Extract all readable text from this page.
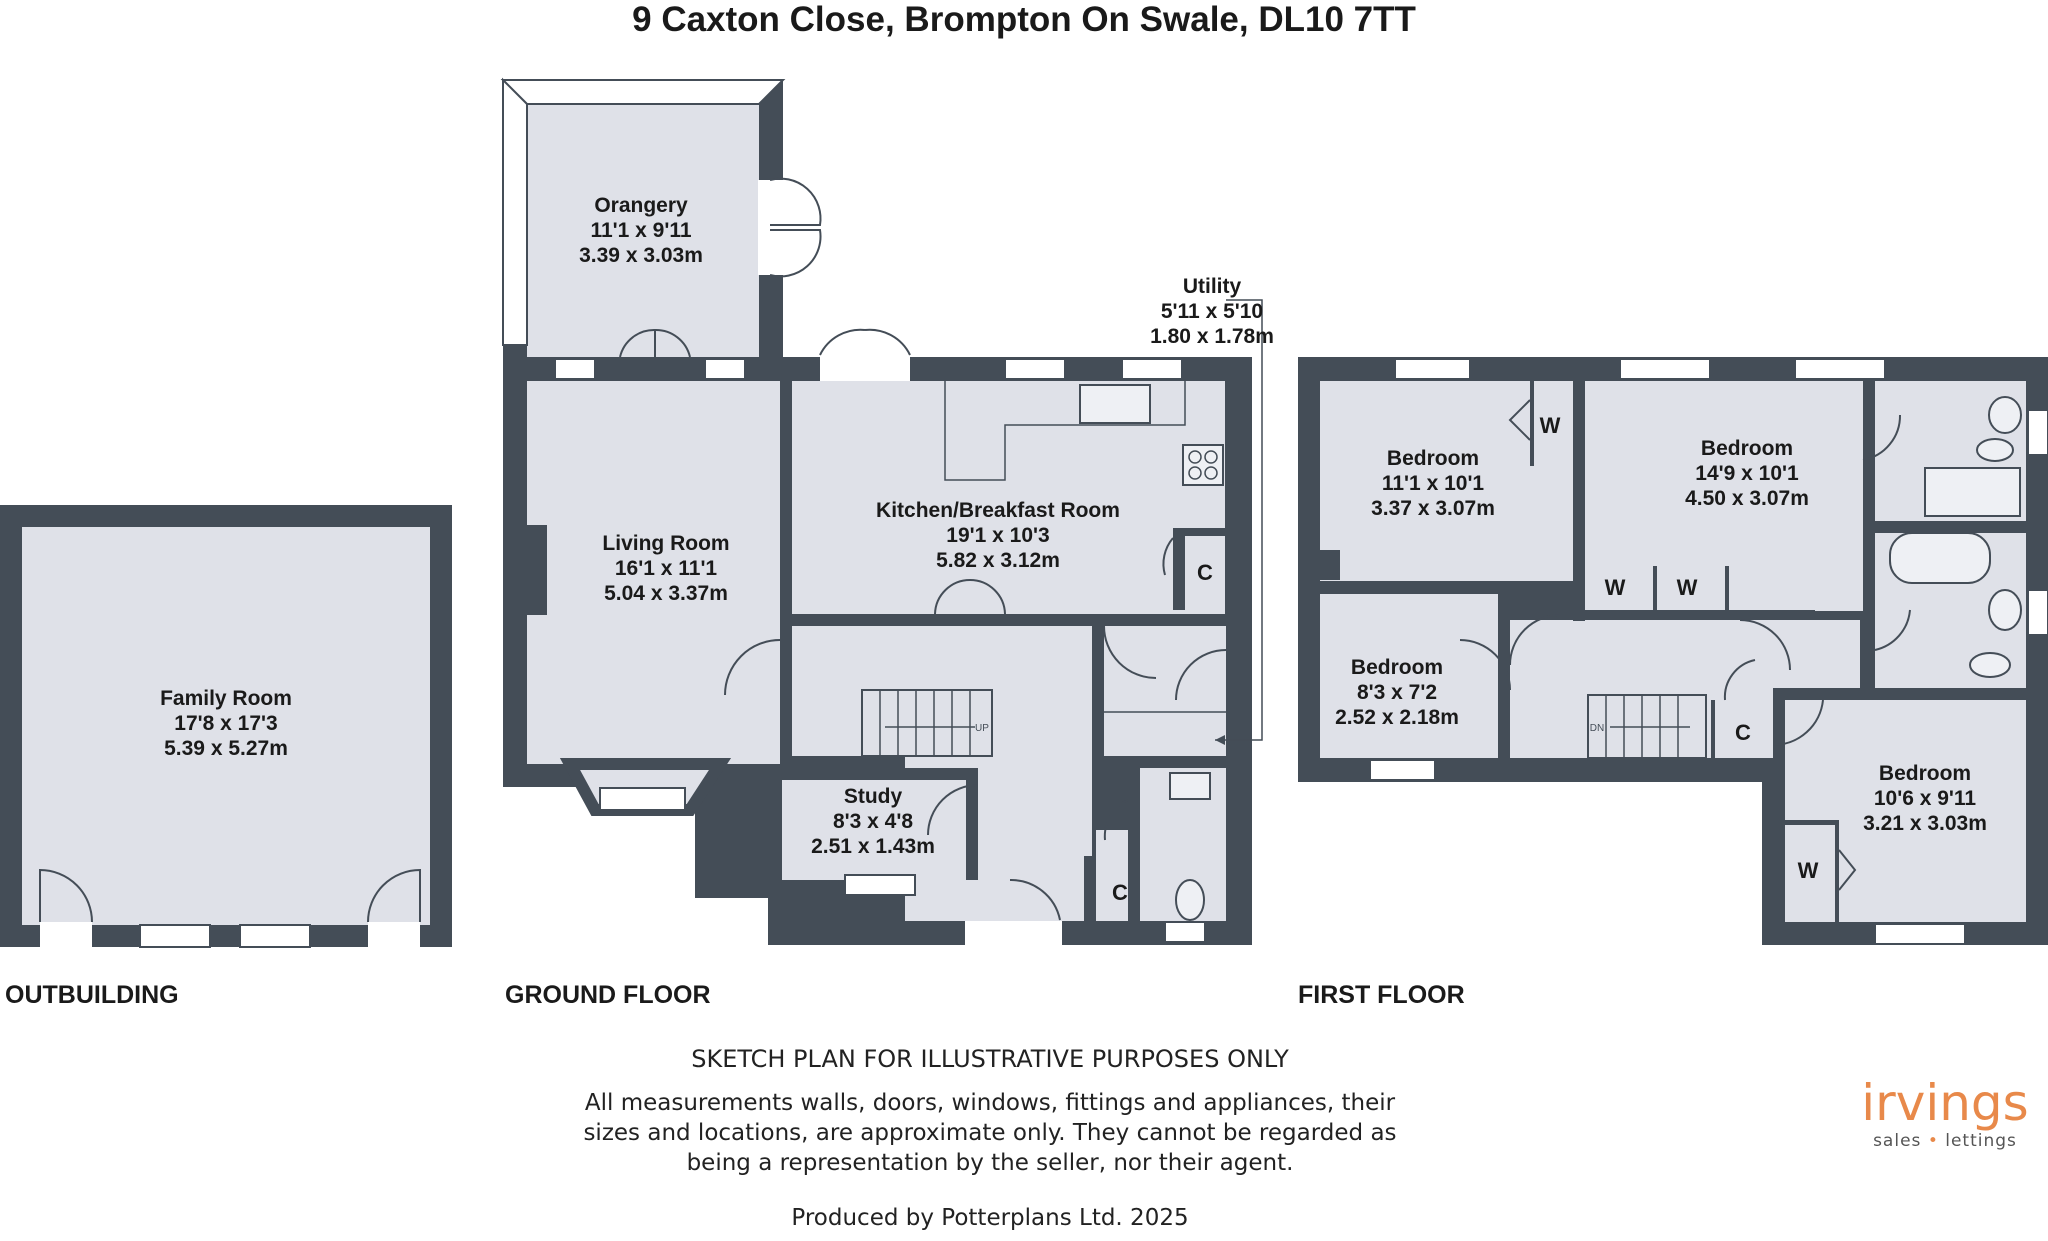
9 Caxton Close, Brompton On Swale, DL10 7TT
Family Room
17'8 x 17'3
5.39 x 5.27m
Orangery
11'1 x 9'11
3.39 x 3.03m
Living Room
16'1 x 11'1
5.04 x 3.37m
Kitchen/Breakfast Room
19'1 x 10'3
5.82 x 3.12m
Utility
5'11 x 5'10
1.80 x 1.78m
Study
8'3 x 4'8
2.51 x 1.43m
Bedroom
11'1 x 10'1
3.37 x 3.07m
Bedroom
14'9 x 10'1
4.50 x 3.07m
Bedroom
8'3 x 7'2
2.52 x 2.18m
Bedroom
10'6 x 9'11
3.21 x 3.03m
C
C
W
W W
C
W
UP	DN
OUTBUILDING	GROUND FLOOR	FIRST FLOOR
SKETCH PLAN FOR ILLUSTRATIVE PURPOSES ONLY
All measurements walls, doors, windows, fittings and appliances, their
sizes and locations, are approximate only. They cannot be regarded as
being a representation by the seller, nor their agent.
Produced by Potterplans Ltd. 2025
irvings
sales • lettings
